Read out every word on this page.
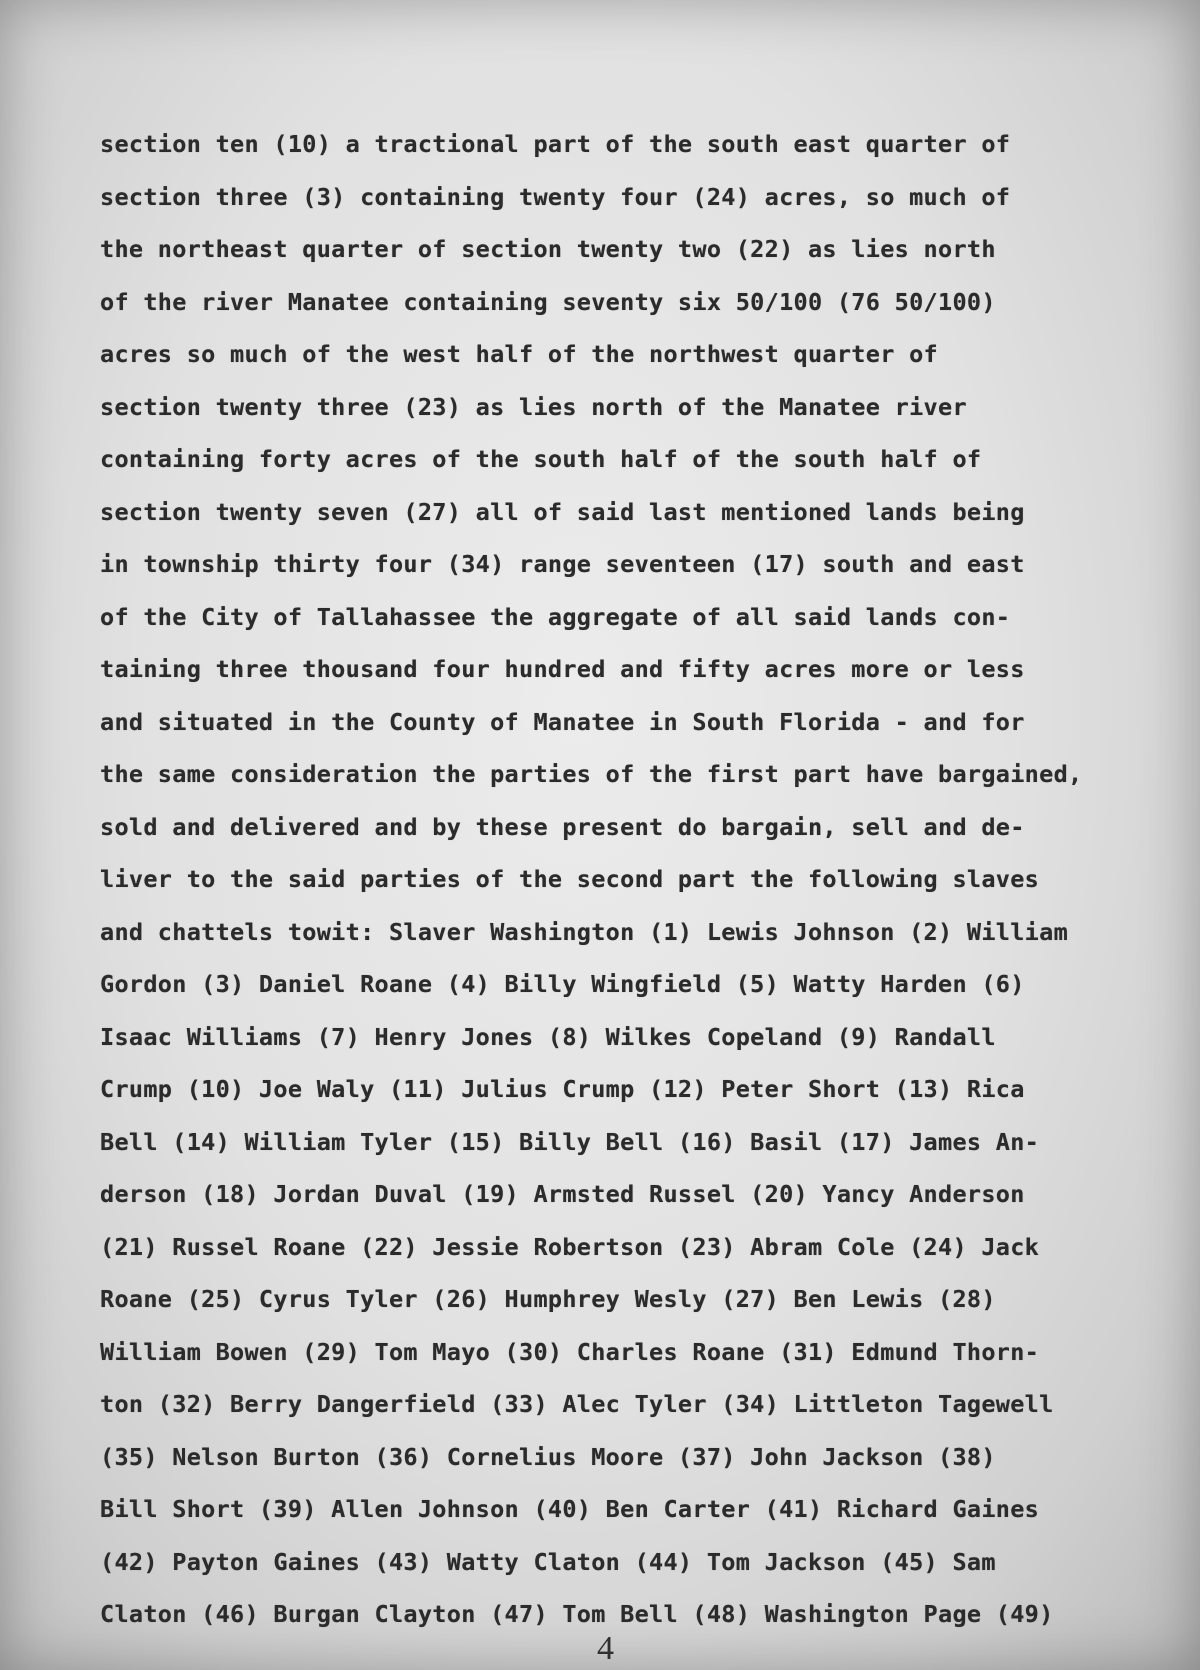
section ten (10) a tractional part of the south east quarter of
section three (3) containing twenty four (24) acres, so much of
the northeast quarter of section twenty two (22) as lies north
of the river Manatee containing seventy six 50/100 (76 50/100)
acres so much of the west half of the northwest quarter of
section twenty three (23) as lies north of the Manatee river
containing forty acres of the south half of the south half of
section twenty seven (27) all of said last mentioned lands being
in township thirty four (34) range seventeen (17) south and east
of the City of Tallahassee the aggregate of all said lands con-
taining three thousand four hundred and fifty acres more or less
and situated in the County of Manatee in South Florida - and for
the same consideration the parties of the first part have bargained,
sold and delivered and by these present do bargain, sell and de-
liver to the said parties of the second part the following slaves
and chattels towit: Slaver Washington (1) Lewis Johnson (2) William
Gordon (3) Daniel Roane (4) Billy Wingfield (5) Watty Harden (6)
Isaac Williams (7) Henry Jones (8) Wilkes Copeland (9) Randall
Crump (10) Joe Waly (11) Julius Crump (12) Peter Short (13) Rica
Bell (14) William Tyler (15) Billy Bell (16) Basil (17) James An-
derson (18) Jordan Duval (19) Armsted Russel (20) Yancy Anderson
(21) Russel Roane (22) Jessie Robertson (23) Abram Cole (24) Jack
Roane (25) Cyrus Tyler (26) Humphrey Wesly (27) Ben Lewis (28)
William Bowen (29) Tom Mayo (30) Charles Roane (31) Edmund Thorn-
ton (32) Berry Dangerfield (33) Alec Tyler (34) Littleton Tagewell
(35) Nelson Burton (36) Cornelius Moore (37) John Jackson (38)
Bill Short (39) Allen Johnson (40) Ben Carter (41) Richard Gaines
(42) Payton Gaines (43) Watty Claton (44) Tom Jackson (45) Sam
Claton (46) Burgan Clayton (47) Tom Bell (48) Washington Page (49)
4
